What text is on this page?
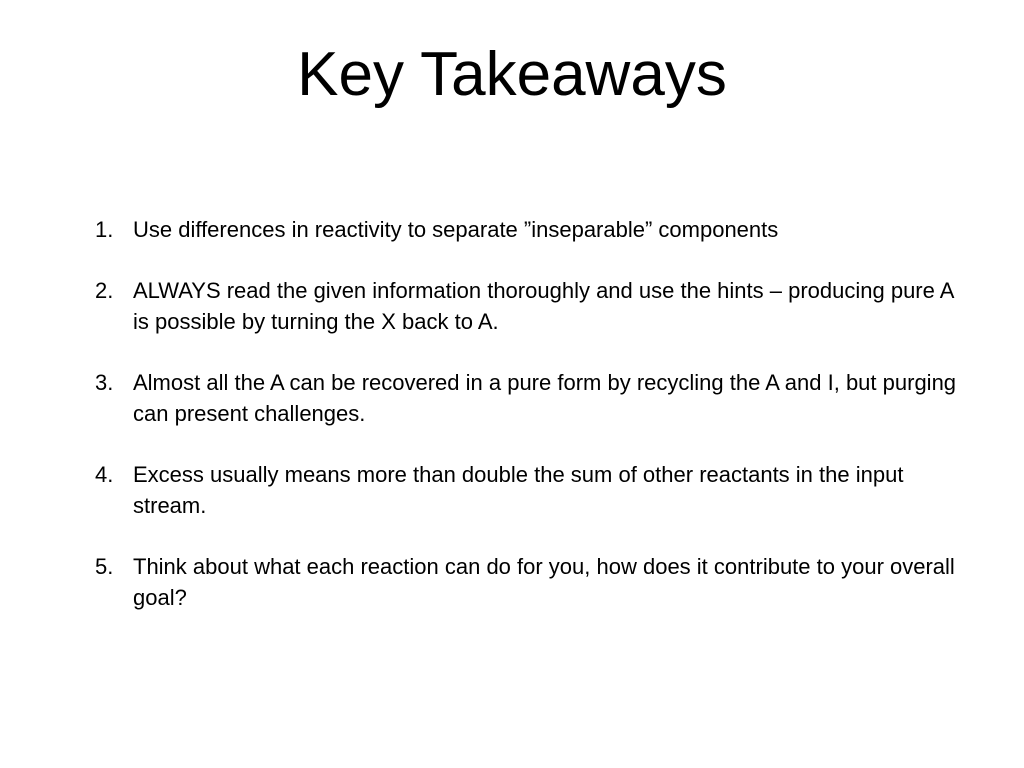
Key Takeaways
1. Use differences in reactivity to separate ”inseparable” components
2. ALWAYS read the given information thoroughly and use the hints – producing pure A is possible by turning the X back to A.
3. Almost all the A can be recovered in a pure form by recycling the A and I, but purging can present challenges.
4. Excess usually means more than double the sum of other reactants in the input stream.
5. Think about what each reaction can do for you, how does it contribute to your overall goal?
